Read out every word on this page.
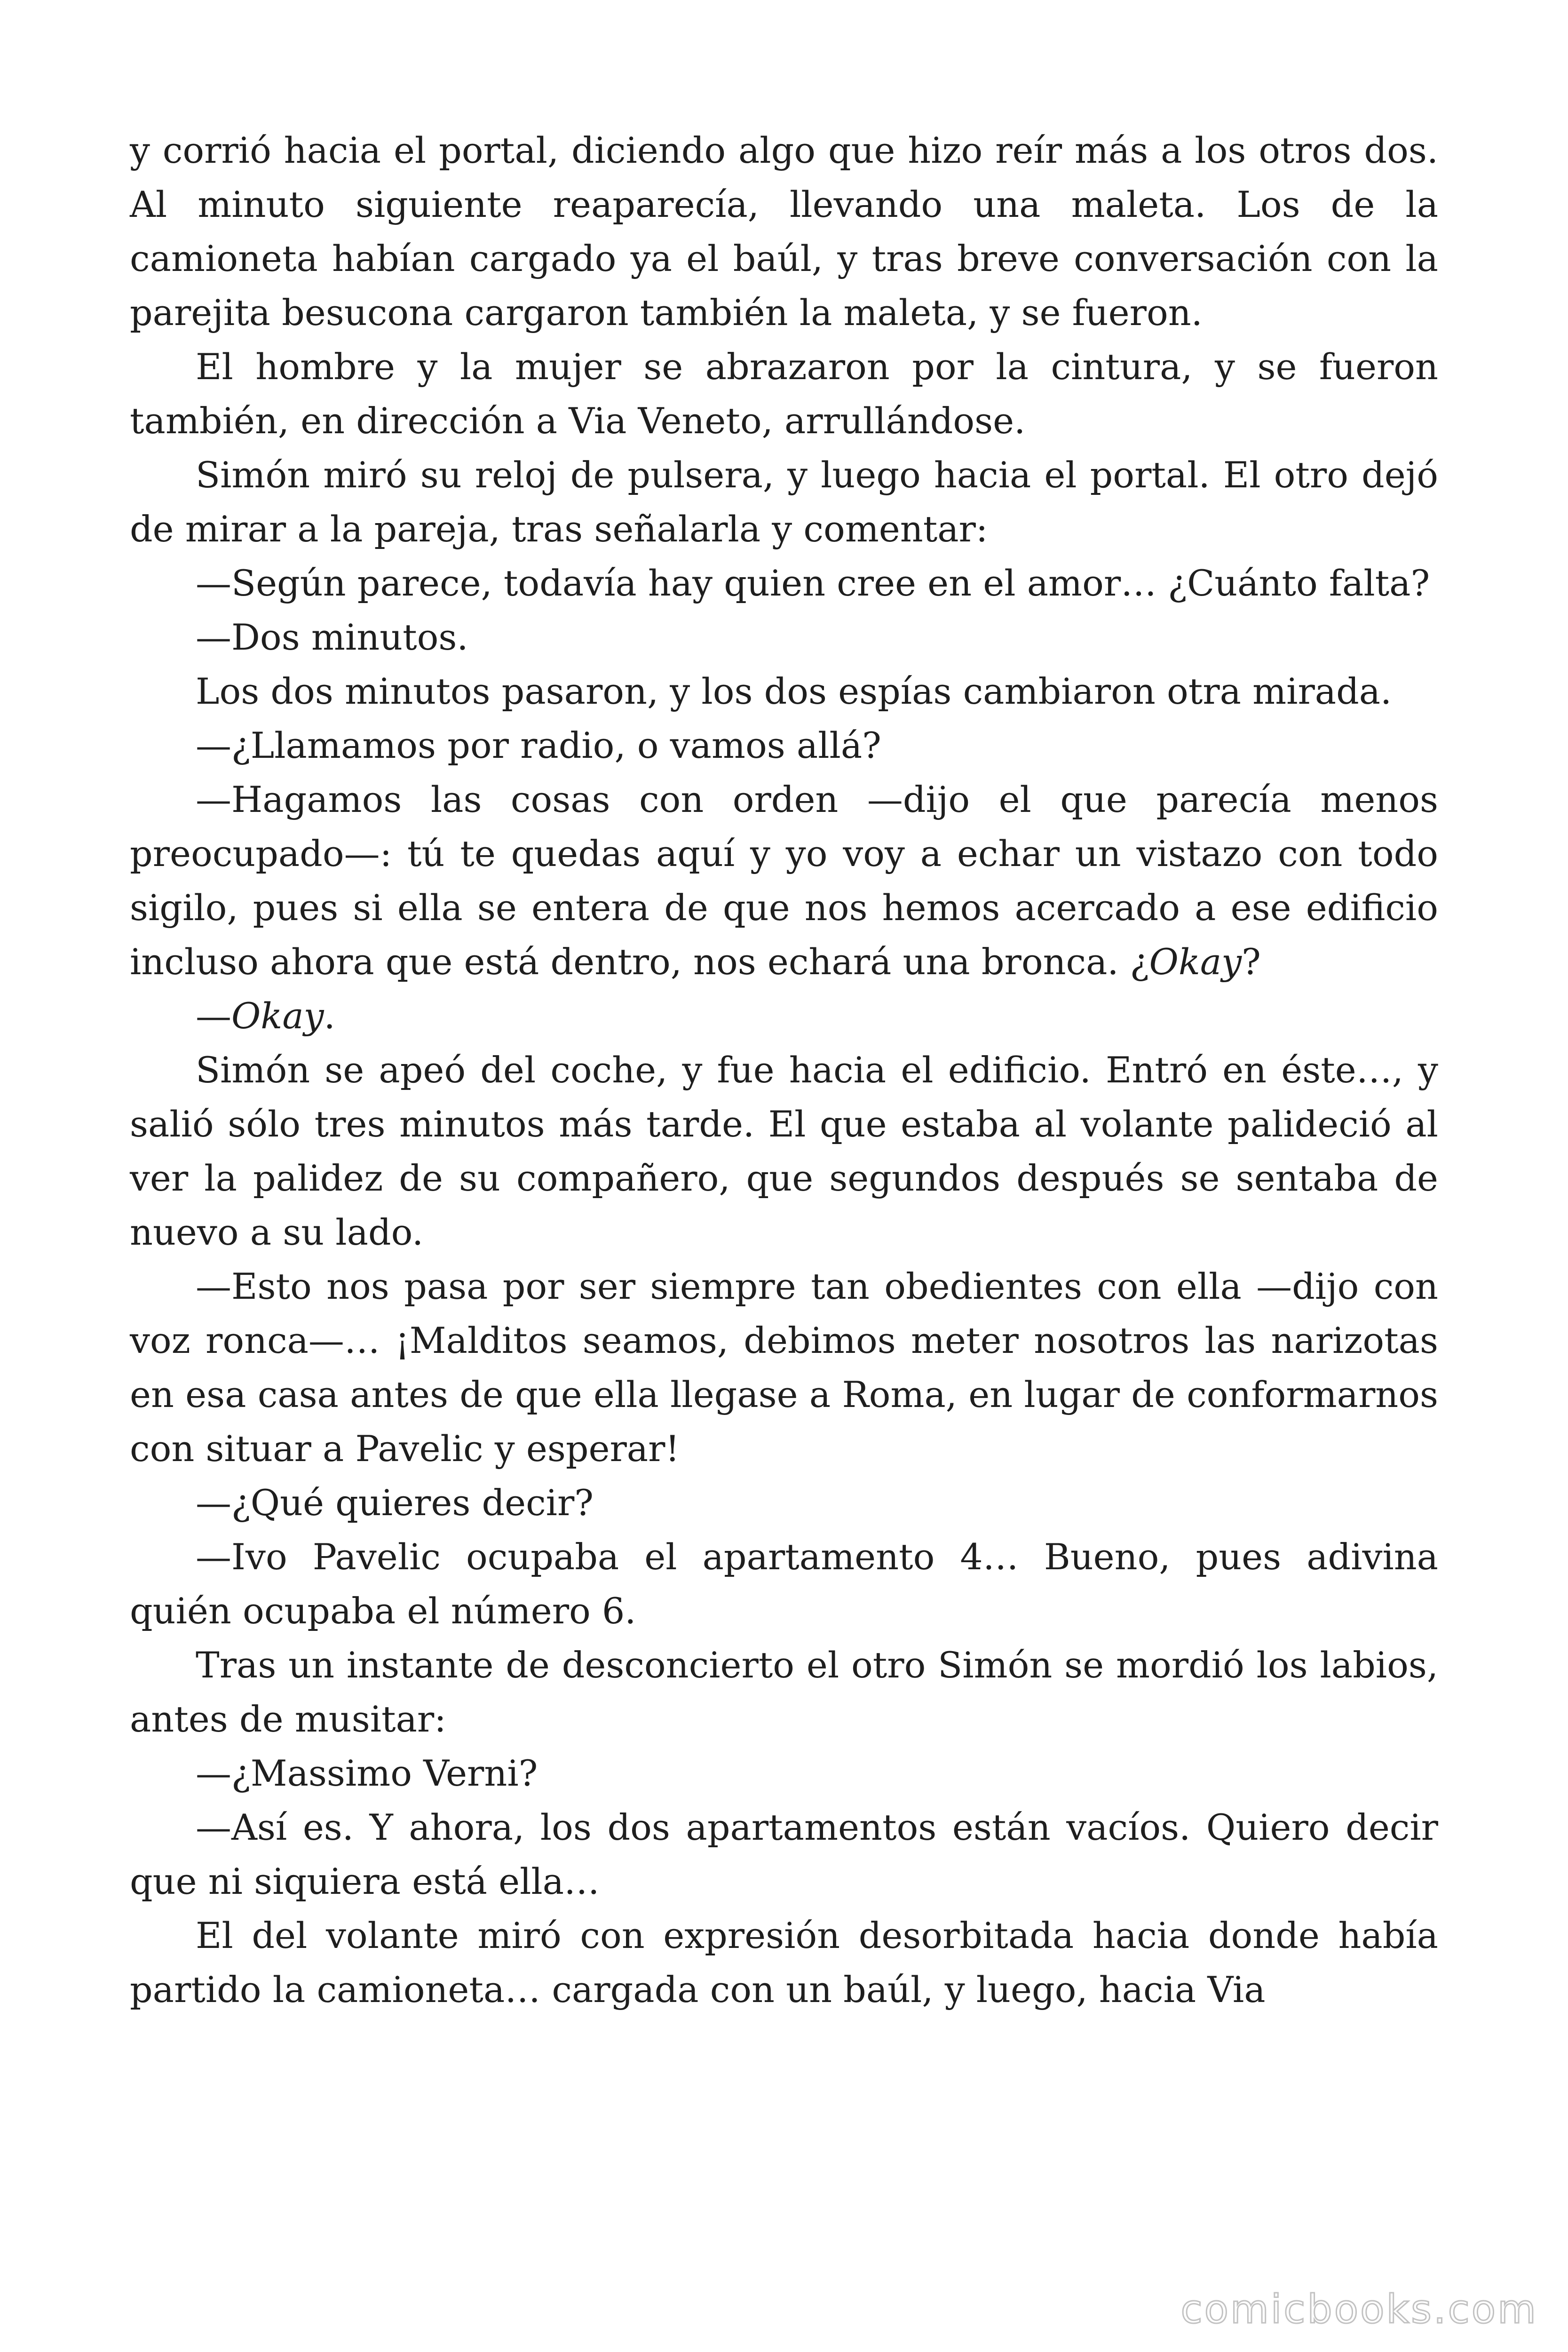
y corrió hacia el portal, diciendo algo que hizo reír más a los otros dos. Al minuto siguiente reaparecía, llevando una maleta. Los de la camioneta habían cargado ya el baúl, y tras breve conversación con la parejita besucona cargaron también la maleta, y se fueron.

El hombre y la mujer se abrazaron por la cintura, y se fueron también, en dirección a Via Veneto, arrullándose.

Simón miró su reloj de pulsera, y luego hacia el portal. El otro dejó de mirar a la pareja, tras señalarla y comentar:

—Según parece, todavía hay quien cree en el amor… ¿Cuánto falta?

—Dos minutos.

Los dos minutos pasaron, y los dos espías cambiaron otra mirada.

—¿Llamamos por radio, o vamos allá?

—Hagamos las cosas con orden —dijo el que parecía menos preocupado—: tú te quedas aquí y yo voy a echar un vistazo con todo sigilo, pues si ella se entera de que nos hemos acercado a ese edificio incluso ahora que está dentro, nos echará una bronca. ¿Okay?

—Okay.

Simón se apeó del coche, y fue hacia el edificio. Entró en éste…, y salió sólo tres minutos más tarde. El que estaba al volante palideció al ver la palidez de su compañero, que segundos después se sentaba de nuevo a su lado.

—Esto nos pasa por ser siempre tan obedientes con ella —dijo con voz ronca—… ¡Malditos seamos, debimos meter nosotros las narizotas en esa casa antes de que ella llegase a Roma, en lugar de conformarnos con situar a Pavelic y esperar!

—¿Qué quieres decir?

—Ivo Pavelic ocupaba el apartamento 4… Bueno, pues adivina quién ocupaba el número 6.

Tras un instante de desconcierto el otro Simón se mordió los labios, antes de musitar:

—¿Massimo Verni?

—Así es. Y ahora, los dos apartamentos están vacíos. Quiero decir que ni siquiera está ella…

El del volante miró con expresión desorbitada hacia donde había partido la camioneta… cargada con un baúl, y luego, hacia Via

comicbooks.com
